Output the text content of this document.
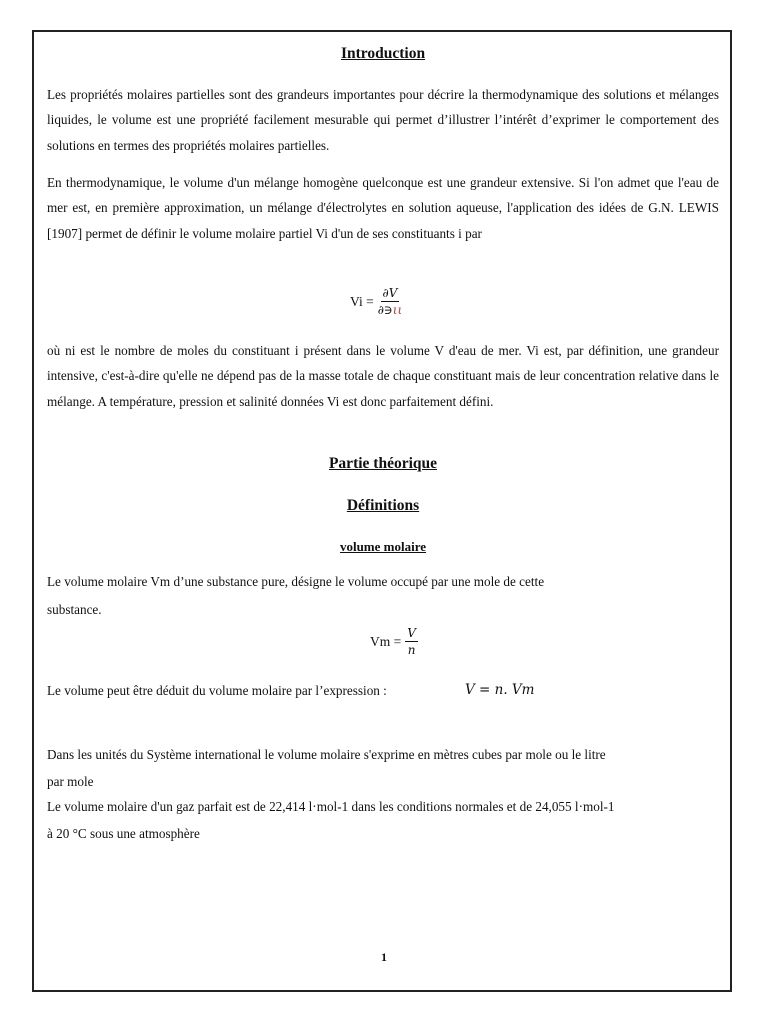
Introduction

Les propriétés molaires partielles sont des grandeurs importantes pour décrire la thermodynamique des solutions et mélanges liquides, le volume est une propriété facilement mesurable qui permet d’illustrer l’intérêt d’exprimer le comportement des solutions en termes des propriétés molaires partielles.

En thermodynamique, le volume d'un mélange homogène quelconque est une grandeur extensive. Si l'on admet que l'eau de mer est, en première approximation, un mélange d'électrolytes en solution aqueuse, l'application des idées de G.N. LEWIS [1907] permet de définir le volume molaire partiel Vi d'un de ses constituants i par

$Vi = \frac{\partial V}{\partial∋\iota\iota}$

où ni est le nombre de moles du constituant i présent dans le volume V d'eau de mer. Vi est, par définition, une grandeur intensive, c'est-à-dire qu'elle ne dépend pas de la masse totale de chaque constituant mais de leur concentration relative dans le mélange. A température, pression et salinité données Vi est donc parfaitement défini.

Partie théorique
Définitions
volume molaire
Le volume molaire Vm d’une substance pure, désigne le volume occupé par une mole de cette
substance.
$Vm = \frac{V}{n}$
Le volume peut être déduit du volume molaire par l’expression :	V = n. Vm
Dans les unités du Système international le volume molaire s'exprime en mètres cubes par mole ou le litre
par mole
Le volume molaire d'un gaz parfait est de 22,414 l·mol-1 dans les conditions normales et de 24,055 l·mol-1
à 20 °C sous une atmosphère
1
